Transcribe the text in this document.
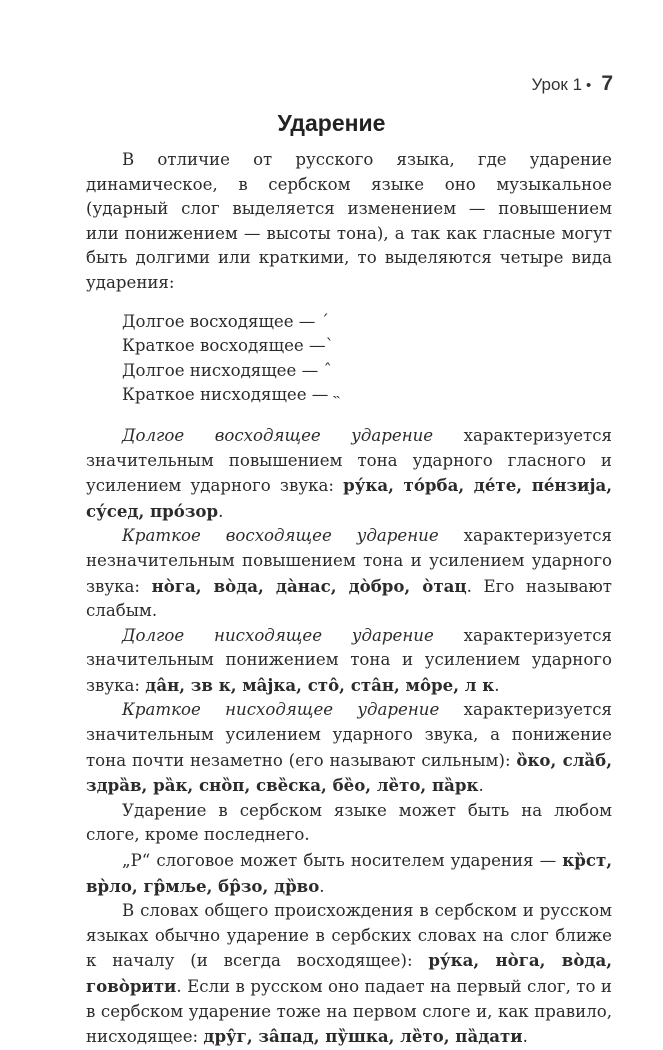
Урок 1 • 7
Ударение

В отличие от русского языка, где ударение динамическое, в сербском языке оно музыкальное (ударный слог выделяется изменением — повышением или понижением — высоты тона), а так как гласные могут быть долгими или краткими, то выделяются четыре вида ударения:

Долгое восходящее — ´
Краткое восходящее —`
Долгое нисходящее — ˆ
Краткое нисходящее — ˵

Долгое восходящее ударение характеризуется значительным повышением тона ударного гласного и усилением ударного звука: ру́ка, то́рба, де́те, пе́нзија, су́сед, про́зор.

Краткое восходящее ударение характеризуется незначительным повышением тона и усилением ударного звука: но̀га, во̀да, да̀нас, до̀бро, о̀тац. Его называют слабым.

Долгое нисходящее ударение характеризуется значительным понижением тона и усилением ударного звука: да̂н, зв к, ма̂јка, сто̂, ста̂н, мо̂ре, л к.

Краткое нисходящее ударение характеризуется значительным усилением ударного звука, а понижение тона почти незаметно (его называют сильным): о̏ко, сла̏б, здра̏в, ра̏к, сно̏п, све̏ска, бе̏о, ле̏то, па̏рк.

Ударение в сербском языке может быть на любом слоге, кроме последнего.

„Р“ слоговое может быть носителем ударения — кр̏ст, вр̀ло, гр̂мље, бр̂зо, др̏во.

В словах общего происхождения в сербском и русском языках обычно ударение в сербских словах на слог ближе к началу (и всегда восходящее): ру́ка, но̀га, во̀да, гово̀рити. Если в русском оно падает на первый слог, то и в сербском ударение тоже на первом слоге и, как правило, нисходящее: дру̂г, за̂пад, пу̏шка, ле̏то, па̏дати.
